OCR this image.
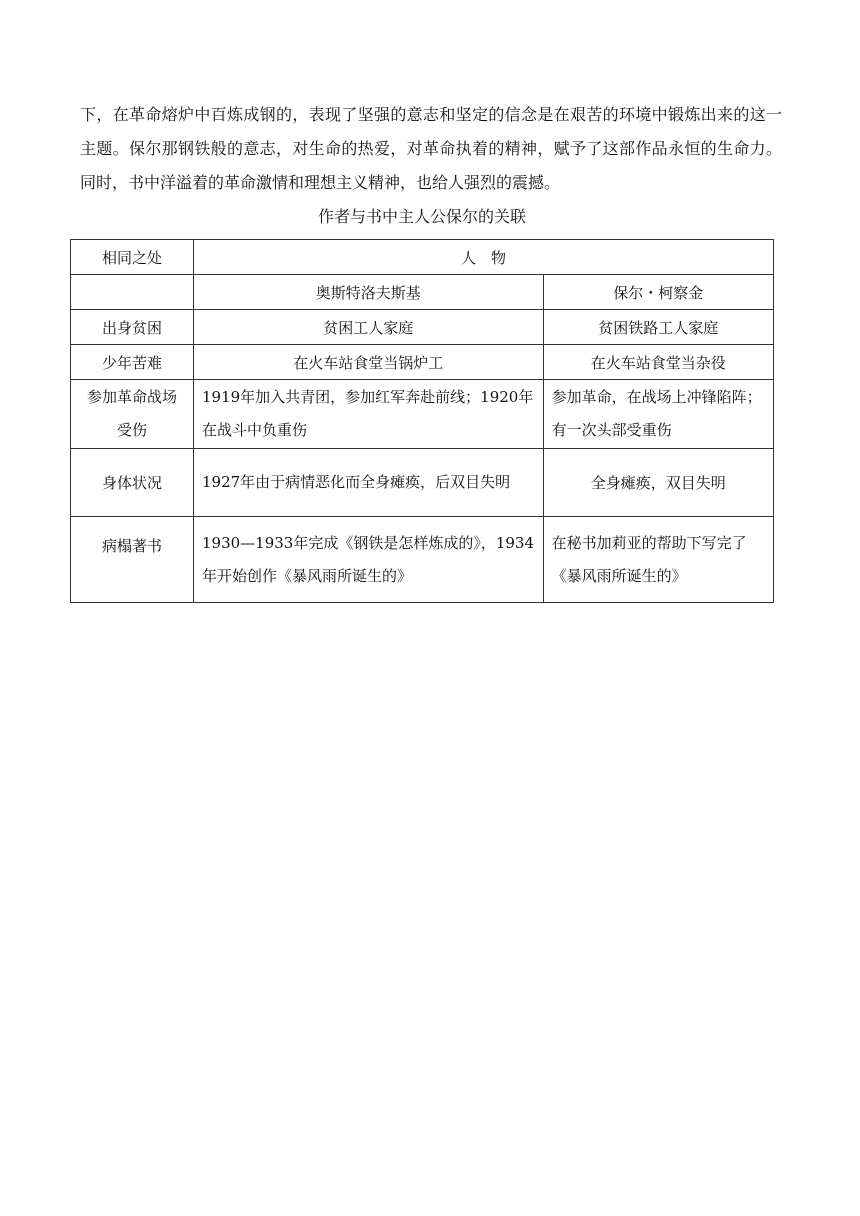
下，在革命熔炉中百炼成钢的，表现了坚强的意志和坚定的信念是在艰苦的环境中锻炼出来的这一主题。保尔那钢铁般的意志，对生命的热爱，对革命执着的精神，赋予了这部作品永恒的生命力。同时，书中洋溢着的革命激情和理想主义精神，也给人强烈的震撼。

作者与书中主人公保尔的关联

相同之处	人　物	
	奥斯特洛夫斯基	保尔・柯察金
出身贫困	贫困工人家庭	贫困铁路工人家庭
少年苦难	在火车站食堂当锅炉工	在火车站食堂当杂役
参加革命战场受伤	1919年加入共青团，参加红军奔赴前线；1920年在战斗中负重伤	参加革命，在战场上冲锋陷阵；有一次头部受重伤
身体状况	1927年由于病情恶化而全身瘫痪，后双目失明	全身瘫痪，双目失明
病榻著书	1930—1933年完成《钢铁是怎样炼成的》，1934年开始创作《暴风雨所诞生的》	在秘书加莉亚的帮助下写完了《暴风雨所诞生的》
